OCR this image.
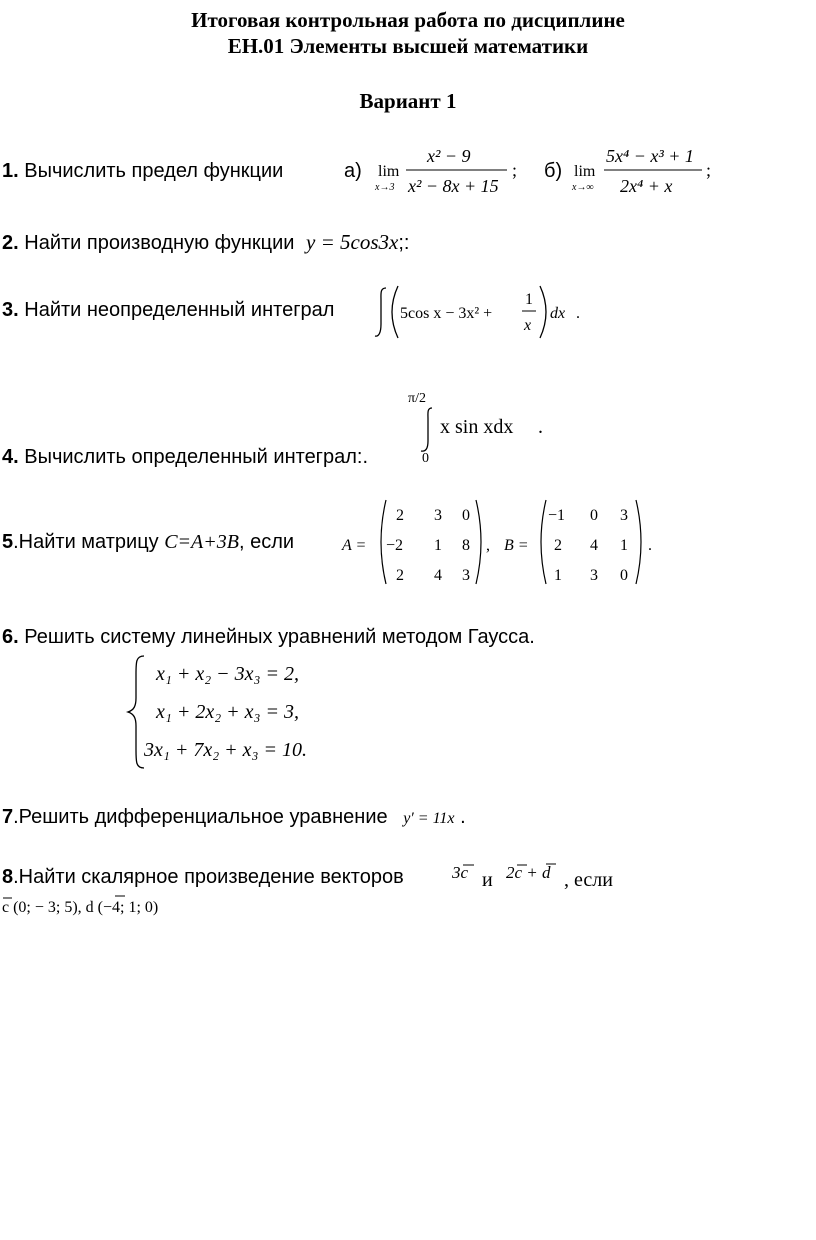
Итоговая контрольная работа по дисциплине
ЕН.01 Элементы высшей математики
Вариант 1
1. Вычислить предел функции	а) lim
x→3
x² − 9
x² − 8x + 15
; б) lim
x→∞
5x⁴ − x³ + 1
2x⁴ + x
;
2. Найти производную функции y = 5cos3x;:
3. Найти неопределенный интеграл	5cos x − 3x² +
1
x
dx .
π/2
0
x sin xdx .
4. Вычислить определенный интеграл:.
5.Найти матрицу C=A+3B, если	A =
2 3 0
−2 1 8
2 4 3
, B =
−1 0 3
2 4 1
1 3 0
.
6. Решить систему линейных уравнений методом Гаусса.
x₁ + x₂ − 3x₃ = 2,
x₁ + 2x₂ + x₃ = 3,
3x₁ + 7x₂ + x₃ = 10.
7.Решить дифференциальное уравнение y′ = 11x .
8.Найти скалярное произведение векторов	3c и 2c + d , если
c (0; − 3; 5), d (−4; 1; 0)
